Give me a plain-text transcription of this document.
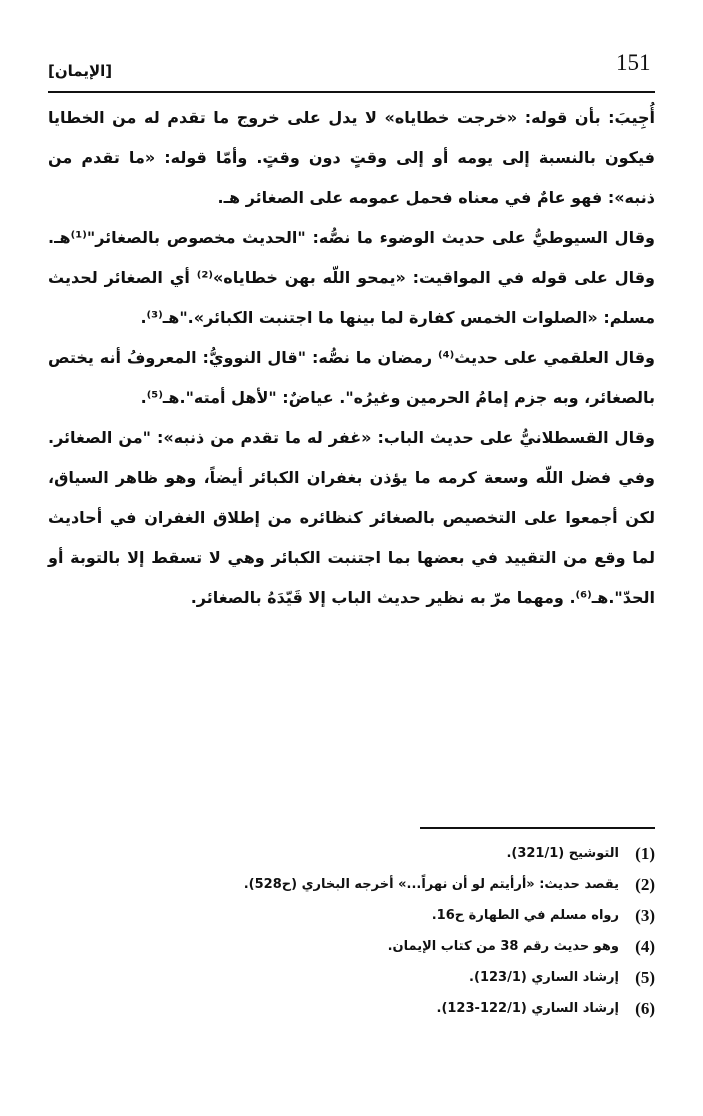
151
[الإيمان]

أُجِيبَ: بأن قوله: «خرجت خطاياه» لا يدل على خروج ما تقدم له من الخطايا فيكون بالنسبة إلى يومه أو إلى وقتٍ دون وقتٍ. وأمّا قوله: «ما تقدم من ذنبه»: فهو عامٌ في معناه فحمل عمومه على الصغائر هـ.

وقال السيوطيُّ على حديث الوضوء ما نصُّه: "الحديث مخصوص بالصغائر"⁽¹⁾هـ. وقال على قوله في المواقيت: «يمحو اللّه بهن خطاياه»⁽²⁾ أي الصغائر لحديث مسلم: «الصلوات الخمس كفارة لما بينها ما اجتنبت الكبائر»."هـ⁽³⁾.

وقال العلقمي على حديث⁽⁴⁾ رمضان ما نصُّه: "قال النوويُّ: المعروفُ أنه يختص بالصغائر، وبه جزم إمامُ الحرمين وغيرُه". عياضٌ: "لأهل أمته".هـ⁽⁵⁾.

وقال القسطلانيُّ على حديث الباب: «غفر له ما تقدم من ذنبه»: "من الصغائر. وفي فضل اللّه وسعة كرمه ما يؤذن بغفران الكبائر أيضاً، وهو ظاهر السياق، لكن أجمعوا على التخصيص بالصغائر كنظائره من إطلاق الغفران في أحاديث لما وقع من التقييد في بعضها بما اجتنبت الكبائر وهي لا تسقط إلا بالتوبة أو الحدّ".هـ⁽⁶⁾. ومهما مرّ به نظير حديث الباب إلا قَيّدَهُ بالصغائر.

(1)
التوشيح (321/1).
(2)
يقصد حديث: «أرأيتم لو أن نهراً...» أخرجه البخاري (ح528).
(3)
رواه مسلم في الطهارة ح16.
(4)
وهو حديث رقم 38 من كتاب الإيمان.
(5)
إرشاد الساري (123/1).
(6)
إرشاد الساري (122/1-123).
